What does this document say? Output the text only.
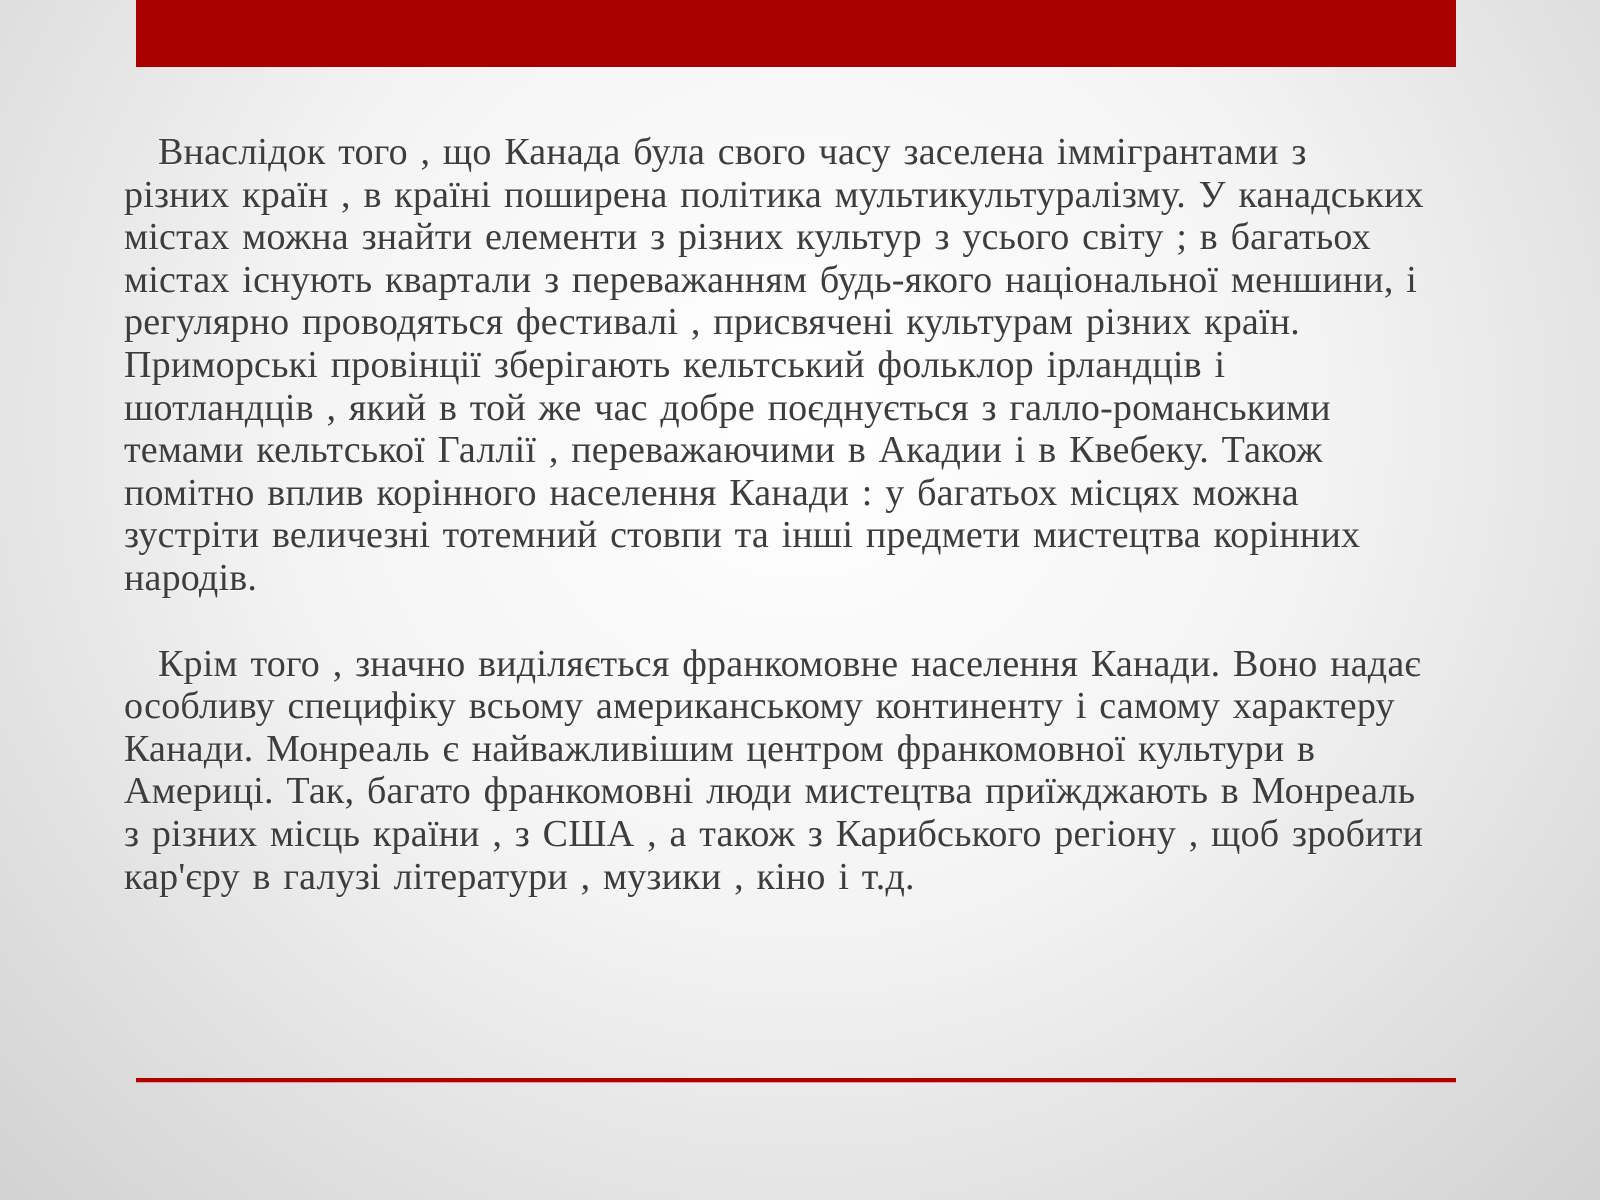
Внаслідок того , що Канада була свого часу заселена іммігрантами з різних країн , в країні поширена політика мультикультуралізму. У канадських містах можна знайти елементи з різних культур з усього світу ; в багатьох містах існують квартали з переважанням будь-якого національної меншини, і регулярно проводяться фестивалі , присвячені культурам різних країн. Приморські провінції зберігають кельтський фольклор ірландців і шотландців , який в той же час добре поєднується з галло-романськими темами кельтської Галлії , переважаючими в Акадии і в Квебеку. Також помітно вплив корінного населення Канади : у багатьох місцях можна зустріти величезні тотемний стовпи та інші предмети мистецтва корінних народів.

Крім того , значно виділяється франкомовне населення Канади. Воно надає особливу специфіку всьому американському континенту і самому характеру Канади. Монреаль є найважливішим центром франкомовної культури в Америці. Так, багато франкомовні люди мистецтва приїжджають в Монреаль з різних місць країни , з США , а також з Карибського регіону , щоб зробити кар'єру в галузі літератури , музики , кіно і т.д.
